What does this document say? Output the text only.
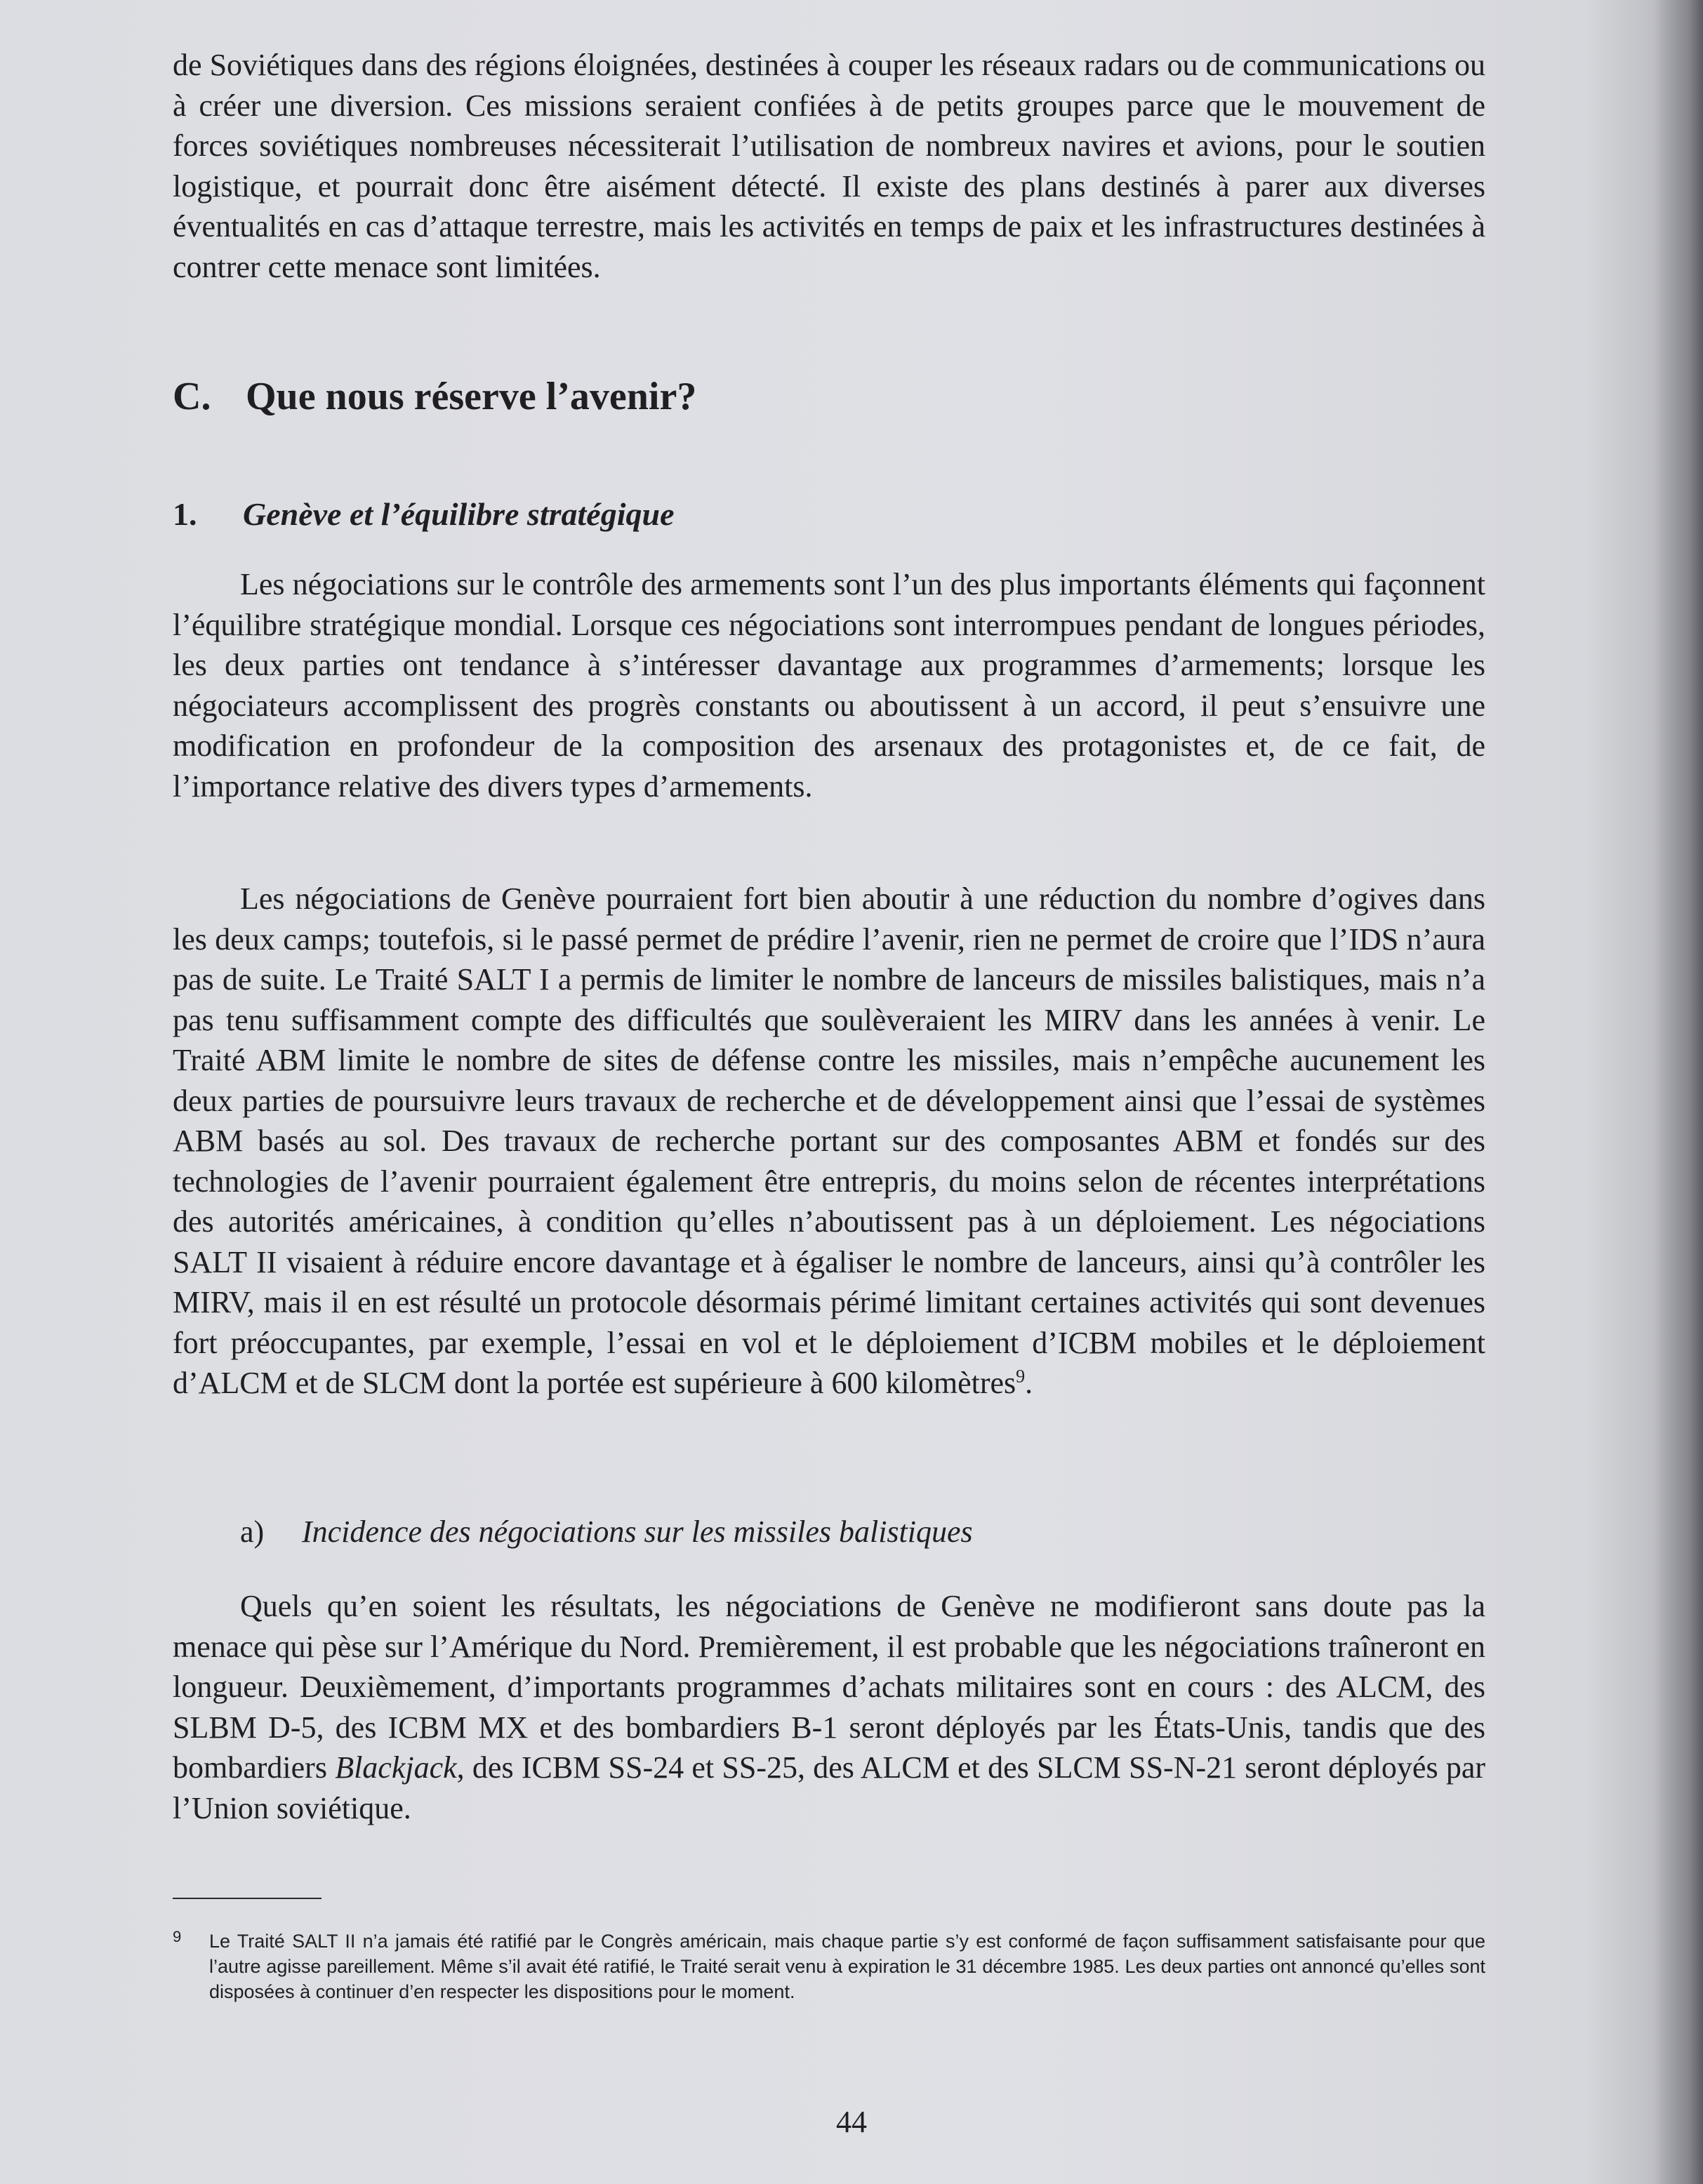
de Soviétiques dans des régions éloignées, destinées à couper les réseaux radars ou de communications ou à créer une diversion. Ces missions seraient confiées à de petits groupes parce que le mouvement de forces soviétiques nombreuses nécessiterait l’utilisation de nombreux navires et avions, pour le soutien logistique, et pourrait donc être aisément détecté. Il existe des plans destinés à parer aux diverses éventualités en cas d’attaque terrestre, mais les activités en temps de paix et les infrastructures destinées à contrer cette menace sont limitées.

C. Que nous réserve l’avenir?
1. Genève et l’équilibre stratégique

Les négociations sur le contrôle des armements sont l’un des plus importants éléments qui façonnent l’équilibre stratégique mondial. Lorsque ces négociations sont interrompues pendant de longues périodes, les deux parties ont tendance à s’intéresser davantage aux programmes d’armements; lorsque les négociateurs accomplissent des progrès constants ou aboutissent à un accord, il peut s’ensuivre une modification en profondeur de la composition des arsenaux des protagonistes et, de ce fait, de l’importance relative des divers types d’armements.

Les négociations de Genève pourraient fort bien aboutir à une réduction du nombre d’ogives dans les deux camps; toutefois, si le passé permet de prédire l’avenir, rien ne permet de croire que l’IDS n’aura pas de suite. Le Traité SALT I a permis de limiter le nombre de lanceurs de missiles balistiques, mais n’a pas tenu suffisamment compte des difficultés que soulèveraient les MIRV dans les années à venir. Le Traité ABM limite le nombre de sites de défense contre les missiles, mais n’empêche aucunement les deux parties de poursuivre leurs travaux de recherche et de développement ainsi que l’essai de systèmes ABM basés au sol. Des travaux de recherche portant sur des composantes ABM et fondés sur des technologies de l’avenir pourraient également être entrepris, du moins selon de récentes interprétations des autorités américaines, à condition qu’elles n’aboutissent pas à un déploiement. Les négociations SALT II visaient à réduire encore davantage et à égaliser le nombre de lanceurs, ainsi qu’à contrôler les MIRV, mais il en est résulté un protocole désormais périmé limitant certaines activités qui sont devenues fort préoccupantes, par exemple, l’essai en vol et le déploiement d’ICBM mobiles et le déploiement d’ALCM et de SLCM dont la portée est supérieure à 600 kilomètres$^9$.

a) Incidence des négociations sur les missiles balistiques

Quels qu’en soient les résultats, les négociations de Genève ne modifieront sans doute pas la menace qui pèse sur l’Amérique du Nord. Premièrement, il est probable que les négociations traîneront en longueur. Deuxièmement, d’importants programmes d’achats militaires sont en cours : des ALCM, des SLBM D-5, des ICBM MX et des bombardiers B-1 seront déployés par les États-Unis, tandis que des bombardiers Blackjack, des ICBM SS-24 et SS-25, des ALCM et des SLCM SS-N-21 seront déployés par l’Union soviétique.

9 Le Traité SALT II n’a jamais été ratifié par le Congrès américain, mais chaque partie s’y est conformé de façon suffisamment satisfaisante pour que l’autre agisse pareillement. Même s’il avait été ratifié, le Traité serait venu à expiration le 31 décembre 1985. Les deux parties ont annoncé qu’elles sont disposées à continuer d’en respecter les dispositions pour le moment.
44
